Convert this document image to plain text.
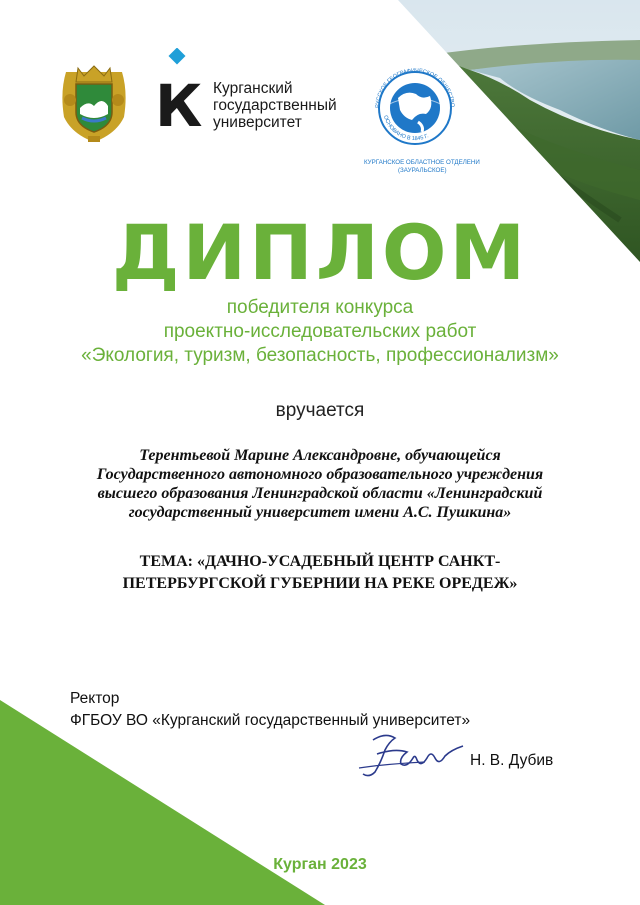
К Курганский
государственный
университет
КУРГАНСКОЕ ОБЛАСТНОЕ ОТДЕЛЕНИЕ
(ЗАУРАЛЬСКОЕ)
РУССКОЕ ГЕОГРАФИЧЕСКОЕ ОБЩЕСТВО
ОСНОВАНО В 1845 Г.
ДИПЛОМ
победителя конкурса
проектно-исследовательских работ
«Экология, туризм, безопасность, профессионализм»
вручается
Терентьевой Марине Александровне, обучающейся
Государственного автономного образовательного учреждения
высшего образования Ленинградской области «Ленинградский
государственный университет имени А.С. Пушкина»
ТЕМА: «ДАЧНО-УСАДЕБНЫЙ ЦЕНТР САНКТ-
ПЕТЕРБУРГСКОЙ ГУБЕРНИИ НА РЕКЕ ОРЕДЕЖ»
Ректор
ФГБОУ ВО «Курганский государственный университет»
Н. В. Дубив
Курган 2023
